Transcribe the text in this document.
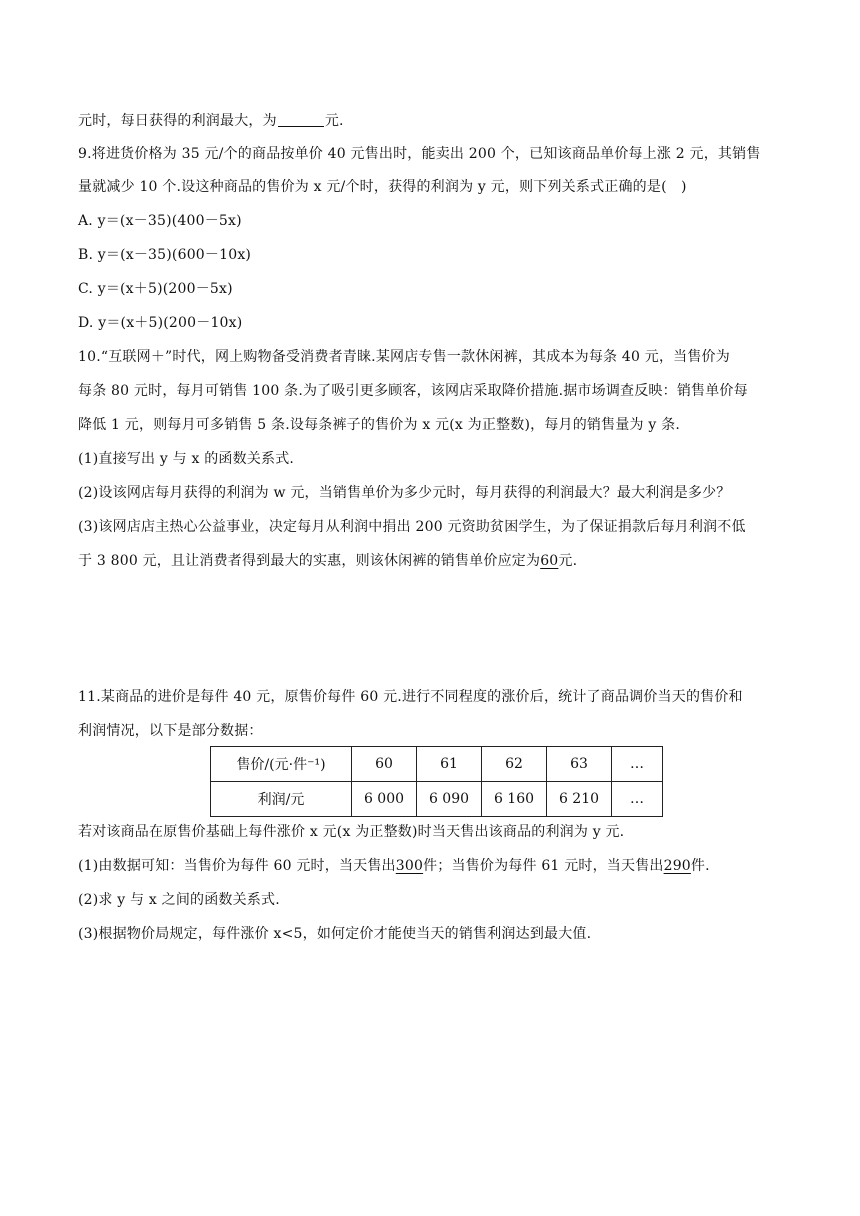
元时，每日获得的利润最大，为	元.
9.将进货价格为 35 元/个的商品按单价 40 元售出时，能卖出 200 个，已知该商品单价每上涨 2 元，其销售
量就减少 10 个.设这种商品的售价为 x 元/个时，获得的利润为 y 元，则下列关系式正确的是(　)
A. y＝(x－35)(400－5x)
B. y＝(x－35)(600－10x)
C. y＝(x＋5)(200－5x)
D. y＝(x＋5)(200－10x)
10.“互联网＋”时代，网上购物备受消费者青睐.某网店专售一款休闲裤，其成本为每条 40 元，当售价为
每条 80 元时，每月可销售 100 条.为了吸引更多顾客，该网店采取降价措施.据市场调查反映：销售单价每
降低 1 元，则每月可多销售 5 条.设每条裤子的售价为 x 元(x 为正整数)，每月的销售量为 y 条.
(1)直接写出 y 与 x 的函数关系式.
(2)设该网店每月获得的利润为 w 元，当销售单价为多少元时，每月获得的利润最大？最大利润是多少？
(3)该网店店主热心公益事业，决定每月从利润中捐出 200 元资助贫困学生，为了保证捐款后每月利润不低
于 3 800 元，且让消费者得到最大的实惠，则该休闲裤的销售单价应定为60元.
11.某商品的进价是每件 40 元，原售价每件 60 元.进行不同程度的涨价后，统计了商品调价当天的售价和
利润情况，以下是部分数据：
售价/(元·件⁻¹)	60	61	62	63	…
利润/元	6 000	6 090	6 160	6 210	…
若对该商品在原售价基础上每件涨价 x 元(x 为正整数)时当天售出该商品的利润为 y 元.
(1)由数据可知：当售价为每件 60 元时，当天售出300件；当售价为每件 61 元时，当天售出290件.
(2)求 y 与 x 之间的函数关系式.
(3)根据物价局规定，每件涨价 x<5，如何定价才能使当天的销售利润达到最大值.
